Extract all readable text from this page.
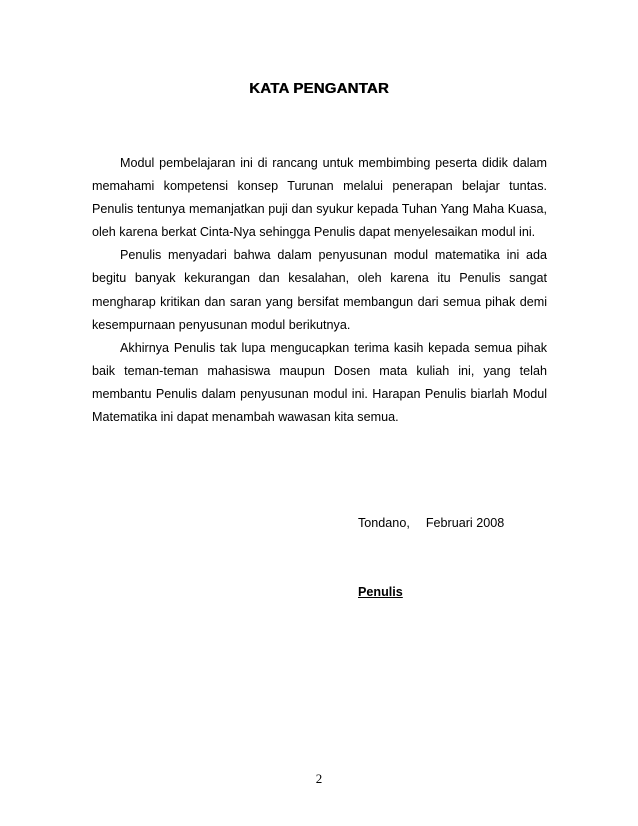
KATA PENGANTAR

Modul pembelajaran ini di rancang untuk membimbing peserta didik dalam memahami kompetensi konsep Turunan melalui penerapan belajar tuntas. Penulis tentunya memanjatkan puji dan syukur kepada Tuhan Yang Maha Kuasa, oleh karena berkat Cinta-Nya sehingga Penulis dapat menyelesaikan modul ini.

Penulis menyadari bahwa dalam penyusunan modul matematika ini ada begitu banyak kekurangan dan kesalahan, oleh karena itu Penulis sangat mengharap kritikan dan saran yang bersifat membangun dari semua pihak demi kesempurnaan penyusunan modul berikutnya.

Akhirnya Penulis tak lupa mengucapkan terima kasih kepada semua pihak baik teman-teman mahasiswa maupun Dosen mata kuliah ini, yang telah membantu Penulis dalam penyusunan modul ini. Harapan Penulis biarlah Modul Matematika ini dapat menambah wawasan kita semua.

Tondano, Februari 2008
Penulis
2
